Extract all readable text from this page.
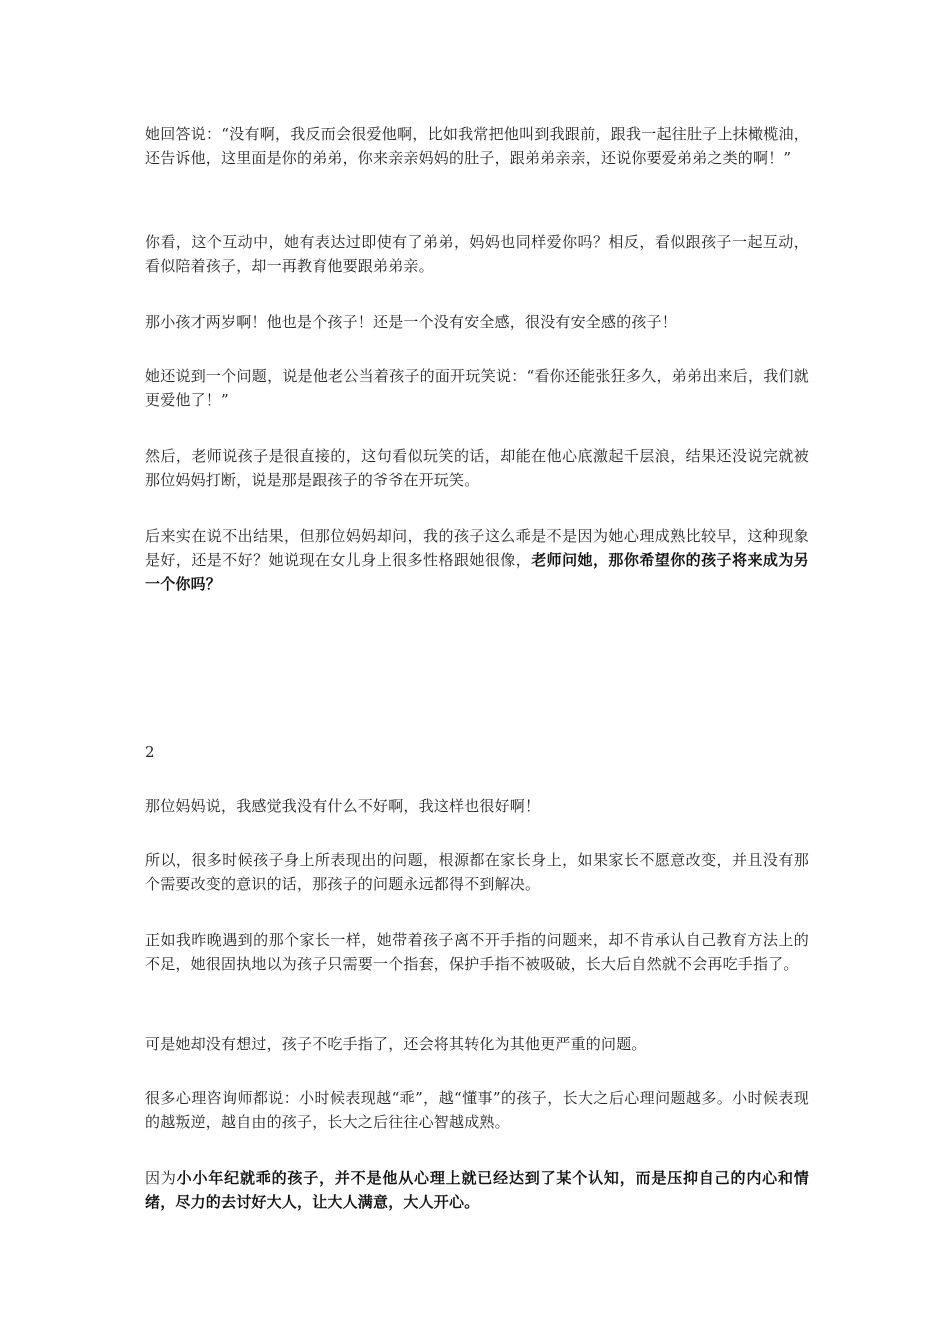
她回答说：“没有啊，我反而会很爱他啊，比如我常把他叫到我跟前，跟我一起往肚子上抹橄榄油，还告诉他，这里面是你的弟弟，你来亲亲妈妈的肚子，跟弟弟亲亲，还说你要爱弟弟之类的啊！”

你看，这个互动中，她有表达过即使有了弟弟，妈妈也同样爱你吗？相反，看似跟孩子一起互动，看似陪着孩子，却一再教育他要跟弟弟亲。

那小孩才两岁啊！他也是个孩子！还是一个没有安全感，很没有安全感的孩子！

她还说到一个问题，说是他老公当着孩子的面开玩笑说：“看你还能张狂多久，弟弟出来后，我们就更爱他了！”

然后，老师说孩子是很直接的，这句看似玩笑的话，却能在他心底激起千层浪，结果还没说完就被那位妈妈打断，说是那是跟孩子的爷爷在开玩笑。

后来实在说不出结果，但那位妈妈却问，我的孩子这么乖是不是因为她心理成熟比较早，这种现象是好，还是不好？她说现在女儿身上很多性格跟她很像，老师问她，那你希望你的孩子将来成为另一个你吗？

2

那位妈妈说，我感觉我没有什么不好啊，我这样也很好啊！

所以，很多时候孩子身上所表现出的问题，根源都在家长身上，如果家长不愿意改变，并且没有那个需要改变的意识的话，那孩子的问题永远都得不到解决。

正如我昨晚遇到的那个家长一样，她带着孩子离不开手指的问题来，却不肯承认自己教育方法上的不足，她很固执地以为孩子只需要一个指套，保护手指不被吸破，长大后自然就不会再吃手指了。

可是她却没有想过，孩子不吃手指了，还会将其转化为其他更严重的问题。

很多心理咨询师都说：小时候表现越“乖”，越“懂事”的孩子，长大之后心理问题越多。小时候表现的越叛逆，越自由的孩子，长大之后往往心智越成熟。

因为小小年纪就乖的孩子，并不是他从心理上就已经达到了某个认知，而是压抑自己的内心和情绪，尽力的去讨好大人，让大人满意，大人开心。
